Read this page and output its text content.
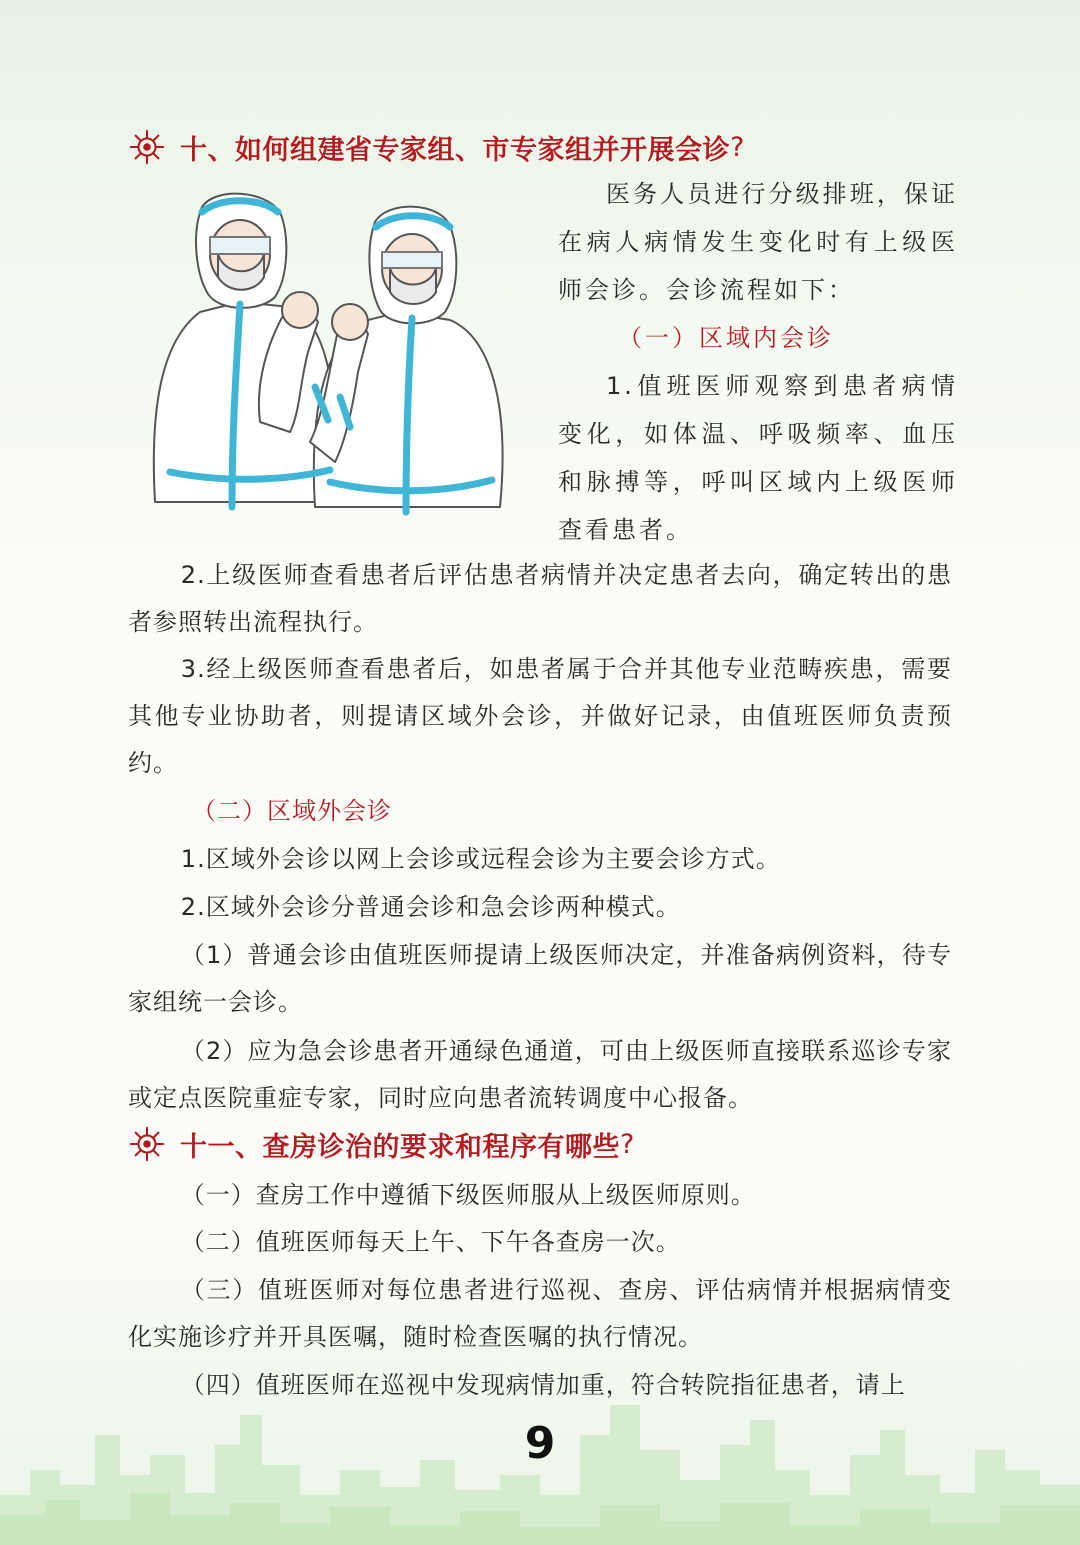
十、如何组建省专家组、市专家组并开展会诊 ?

医务人员进行分级排班，保证在病人病情发生变化时有上级医师会诊。会诊流程如下：

（一）区域内会诊

1.值班医师观察到患者病情变化，如体温、呼吸频率、血压和脉搏等，呼叫区域内上级医师查看患者。

2.上级医师查看患者后评估患者病情并决定患者去向，确定转出的患者参照转出流程执行。

3.经上级医师查看患者后，如患者属于合并其他专业范畴疾患，需要其他专业协助者，则提请区域外会诊，并做好记录，由值班医师负责预约。

（二）区域外会诊

1.区域外会诊以网上会诊或远程会诊为主要会诊方式。

2.区域外会诊分普通会诊和急会诊两种模式。

（1）普通会诊由值班医师提请上级医师决定，并准备病例资料，待专家组统一会诊。

（2）应为急会诊患者开通绿色通道，可由上级医师直接联系巡诊专家或定点医院重症专家，同时应向患者流转调度中心报备。

十一、查房诊治的要求和程序有哪些 ?

（一）查房工作中遵循下级医师服从上级医师原则。

（二）值班医师每天上午、下午各查房一次。

（三）值班医师对每位患者进行巡视、查房、评估病情并根据病情变化实施诊疗并开具医嘱，随时检查医嘱的执行情况。

（四）值班医师在巡视中发现病情加重，符合转院指征患者，请上

9
